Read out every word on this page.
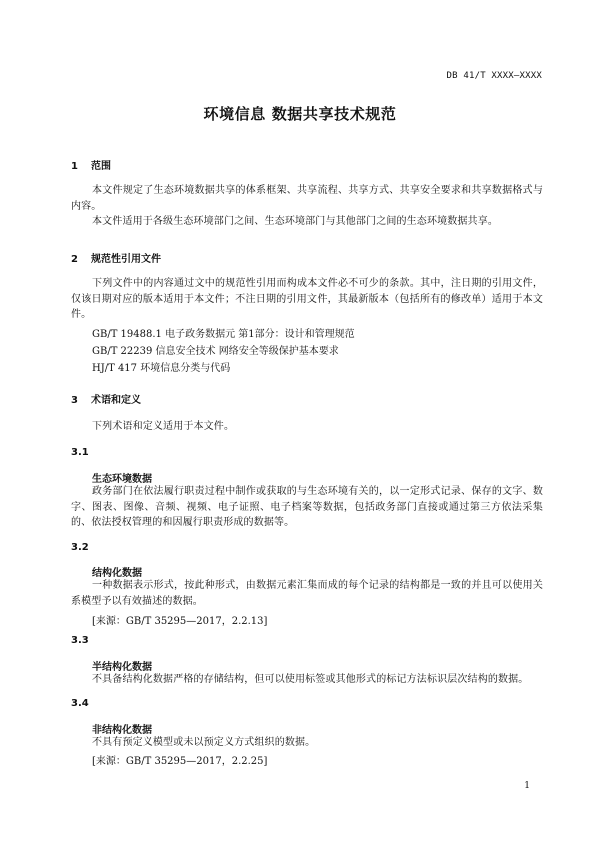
DB 41/T XXXX—XXXX
环境信息 数据共享技术规范
1 范围
本文件规定了生态环境数据共享的体系框架、共享流程、共享方式、共享安全要求和共享数据格式与内容。
本文件适用于各级生态环境部门之间、生态环境部门与其他部门之间的生态环境数据共享。
2 规范性引用文件
下列文件中的内容通过文中的规范性引用而构成本文件必不可少的条款。其中，注日期的引用文件，仅该日期对应的版本适用于本文件；不注日期的引用文件，其最新版本（包括所有的修改单）适用于本文件。
GB/T 19488.1 电子政务数据元 第1部分：设计和管理规范
GB/T 22239 信息安全技术 网络安全等级保护基本要求
HJ/T 417 环境信息分类与代码
3 术语和定义
下列术语和定义适用于本文件。
3.1
生态环境数据
政务部门在依法履行职责过程中制作或获取的与生态环境有关的，以一定形式记录、保存的文字、数字、图表、图像、音频、视频、电子证照、电子档案等数据，包括政务部门直接或通过第三方依法采集的、依法授权管理的和因履行职责形成的数据等。
3.2
结构化数据
一种数据表示形式，按此种形式，由数据元素汇集而成的每个记录的结构都是一致的并且可以使用关系模型予以有效描述的数据。
[来源：GB/T 35295—2017，2.2.13]
3.3
半结构化数据
不具备结构化数据严格的存储结构，但可以使用标签或其他形式的标记方法标识层次结构的数据。
3.4
非结构化数据
不具有预定义模型或未以预定义方式组织的数据。
[来源：GB/T 35295—2017，2.2.25]
1
